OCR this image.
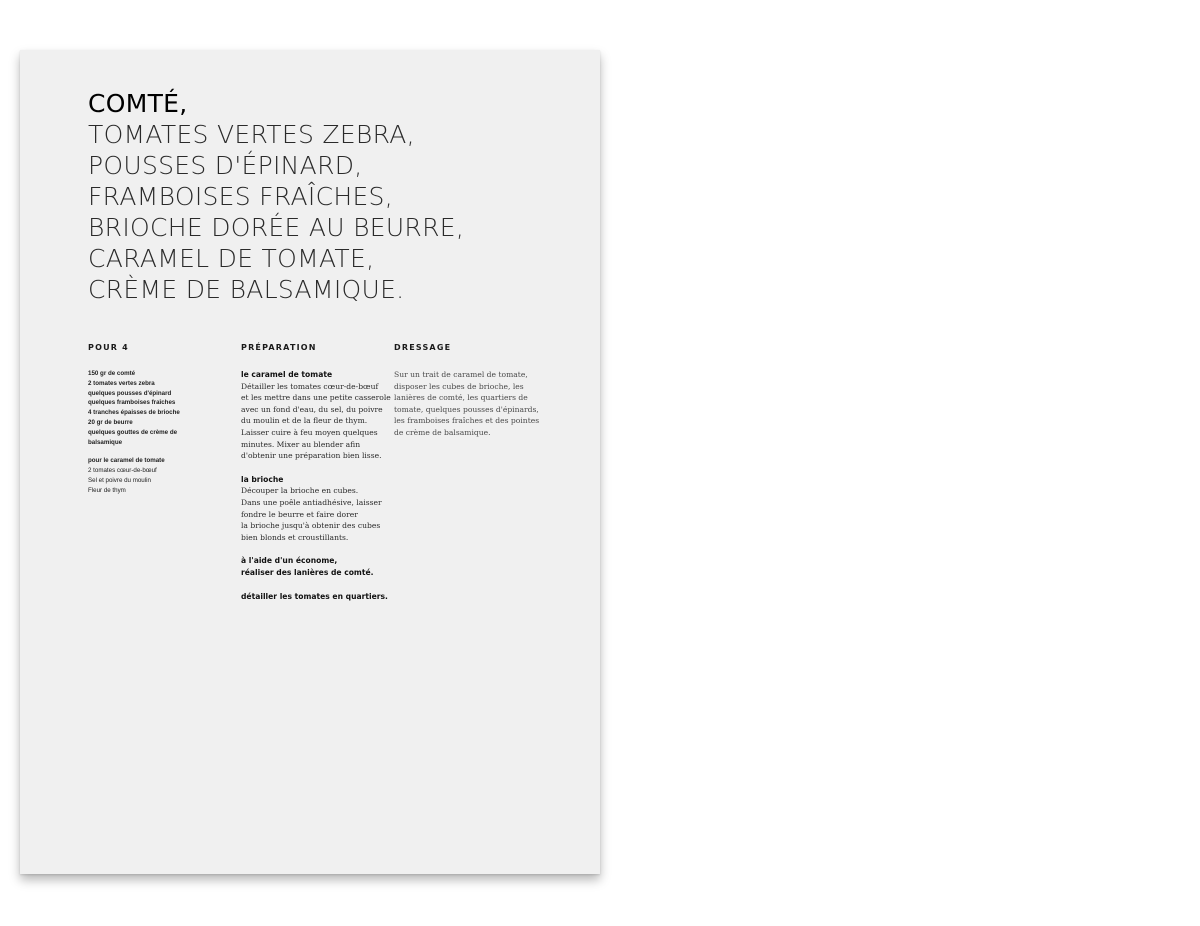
COMTÉ,
TOMATES VERTES ZEBRA,
POUSSES D'ÉPINARD,
FRAMBOISES FRAÎCHES,
BRIOCHE DORÉE AU BEURRE,
CARAMEL DE TOMATE,
CRÈME DE BALSAMIQUE.
POUR 4
150 gr de comté
2 tomates vertes zebra
quelques pousses d'épinard
quelques framboises fraîches
4 tranches épaisses de brioche
20 gr de beurre
quelques gouttes de crème de
balsamique
pour le caramel de tomate
2 tomates cœur-de-bœuf
Sel et poivre du moulin
Fleur de thym
PRÉPARATION
le caramel de tomate
Détailler les tomates cœur-de-bœuf
et les mettre dans une petite casserole
avec un fond d'eau, du sel, du poivre
du moulin et de la fleur de thym.
Laisser cuire à feu moyen quelques
minutes. Mixer au blender afin
d'obtenir une préparation bien lisse.
la brioche
Découper la brioche en cubes.
Dans une poêle antiadhésive, laisser
fondre le beurre et faire dorer
la brioche jusqu'à obtenir des cubes
bien blonds et croustillants.
à l'aide d'un économe,
réaliser des lanières de comté.
détailler les tomates en quartiers.
DRESSAGE
Sur un trait de caramel de tomate,
disposer les cubes de brioche, les
lanières de comté, les quartiers de
tomate, quelques pousses d'épinards,
les framboises fraîches et des pointes
de crème de balsamique.
